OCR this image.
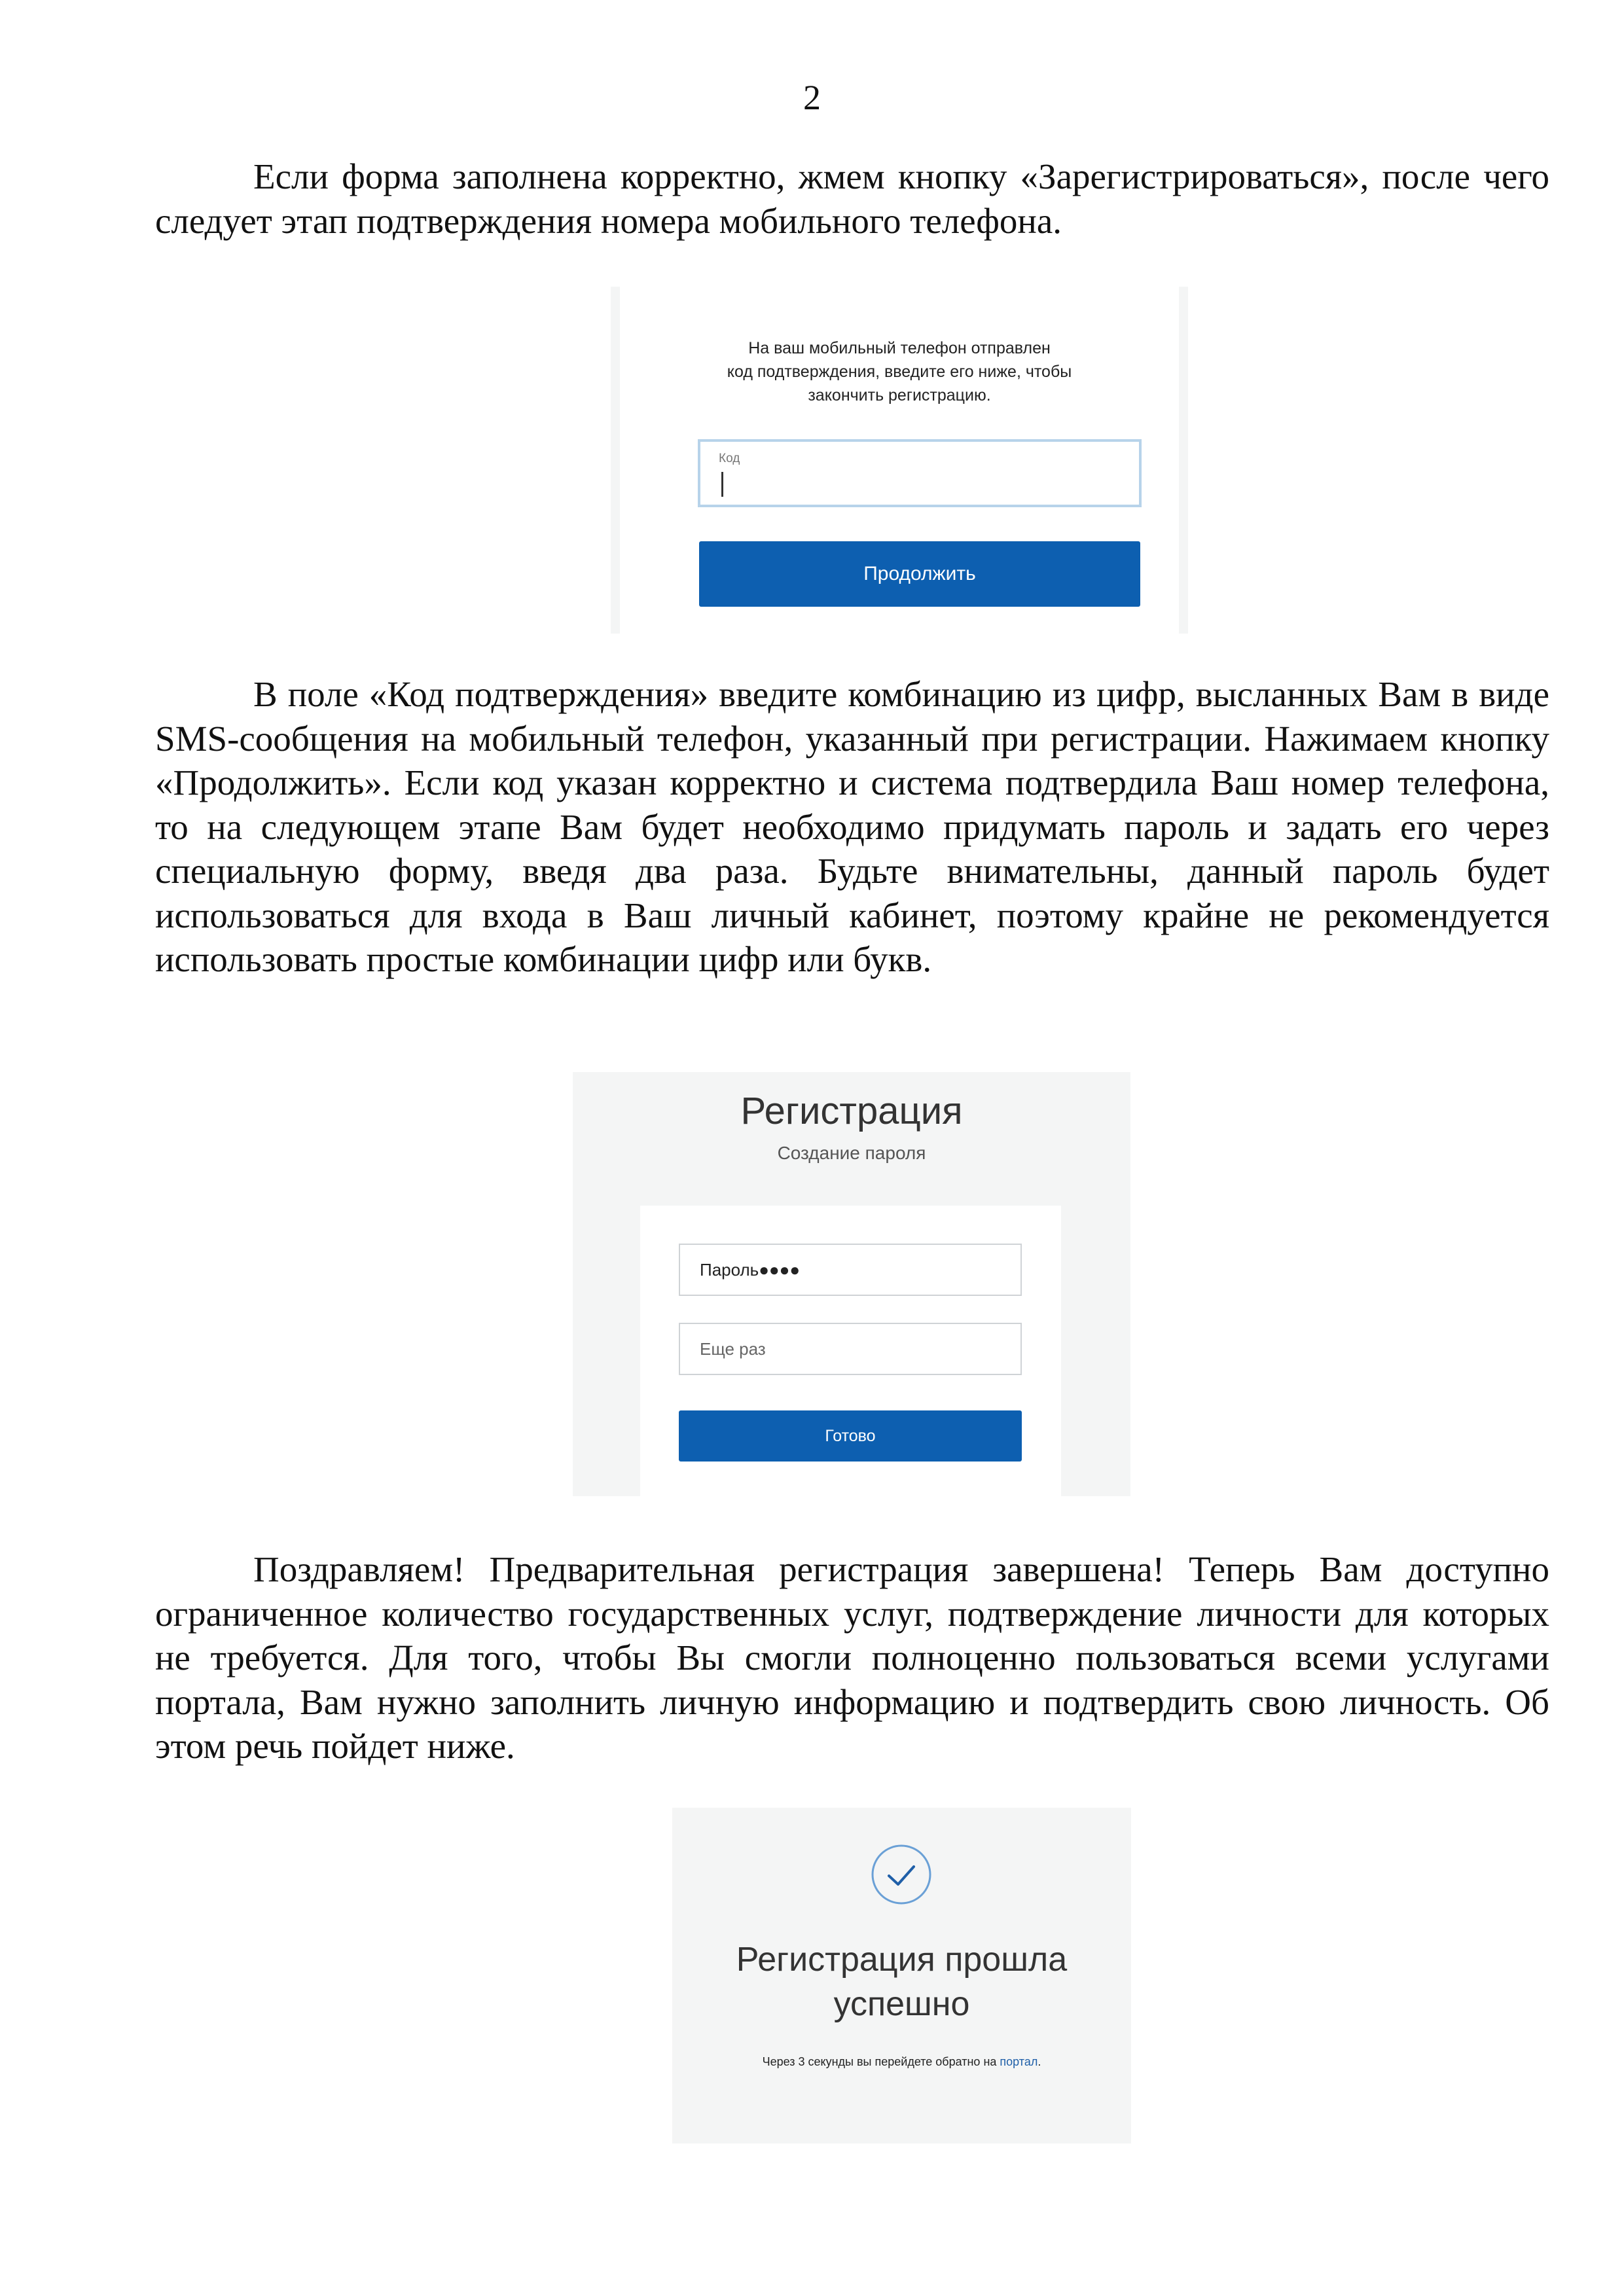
2

Если форма заполнена корректно, жмем кнопку «Зарегистрироваться», после чего следует этап подтверждения номера мобильного телефона.

На ваш мобильный телефон отправлен
код подтверждения, введите его ниже, чтобы
закончить регистрацию.
Код
Продолжить

В поле «Код подтверждения» введите комбинацию из цифр, высланных Вам в виде SMS-сообщения на мобильный телефон, указанный при регистрации. Нажимаем кнопку «Продолжить». Если код указан корректно и система подтвердила Ваш номер телефона, то на следующем этапе Вам будет необходимо придумать пароль и задать его через специальную форму, введя два раза. Будьте внимательны, данный пароль будет использоваться для входа в Ваш личный кабинет, поэтому крайне не рекомендуется использовать простые комбинации цифр или букв.

Регистрация
Создание пароля
Пароль●●●●
Еще раз
Готово

Поздравляем! Предварительная регистрация завершена! Теперь Вам доступно ограниченное количество государственных услуг, подтверждение личности для которых не требуется. Для того, чтобы Вы смогли полноценно пользоваться всеми услугами портала, Вам нужно заполнить личную информацию и подтвердить свою личность. Об этом речь пойдет ниже.

Регистрация прошла
успешно
Через 3 секунды вы перейдете обратно на портал.
